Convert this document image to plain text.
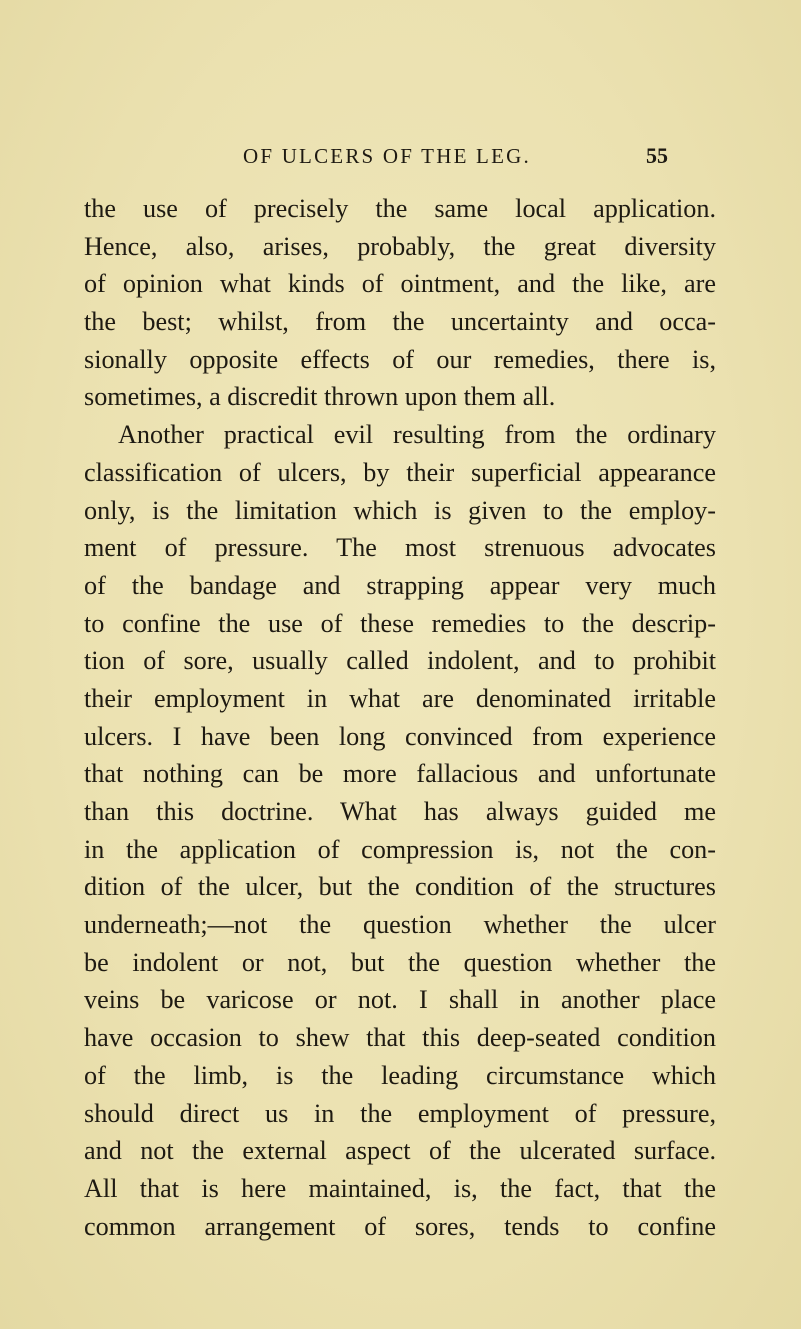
OF ULCERS OF THE LEG.	55
the use of precisely the same local application.
Hence, also, arises, probably, the great diversity
of opinion what kinds of ointment, and the like, are
the best; whilst, from the uncertainty and occa-
sionally opposite effects of our remedies, there is,
sometimes, a discredit thrown upon them all.
Another practical evil resulting from the ordinary
classification of ulcers, by their superficial appearance
only, is the limitation which is given to the employ-
ment of pressure. The most strenuous advocates
of the bandage and strapping appear very much
to confine the use of these remedies to the descrip-
tion of sore, usually called indolent, and to prohibit
their employment in what are denominated irritable
ulcers. I have been long convinced from experience
that nothing can be more fallacious and unfortunate
than this doctrine. What has always guided me
in the application of compression is, not the con-
dition of the ulcer, but the condition of the structures
underneath;—not the question whether the ulcer
be indolent or not, but the question whether the
veins be varicose or not. I shall in another place
have occasion to shew that this deep-seated condition
of the limb, is the leading circumstance which
should direct us in the employment of pressure,
and not the external aspect of the ulcerated surface.
All that is here maintained, is, the fact, that the
common arrangement of sores, tends to confine
